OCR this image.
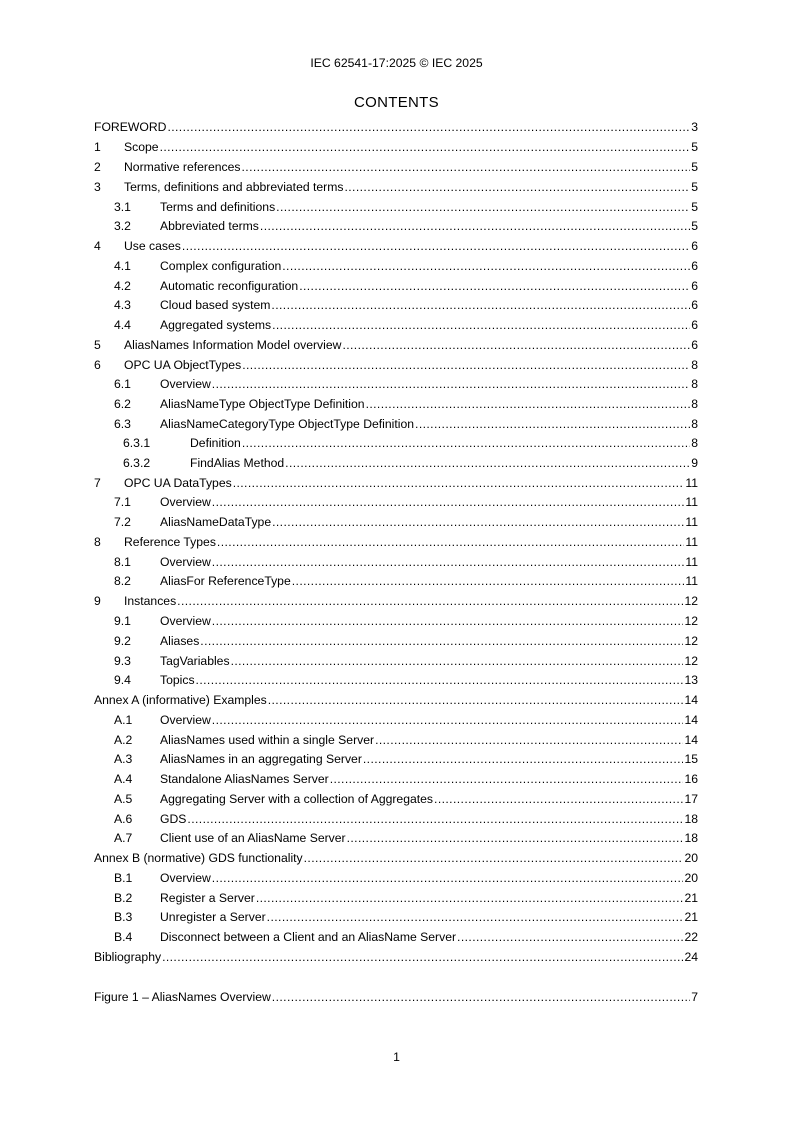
IEC 62541-17:2025 © IEC 2025
CONTENTS
FOREWORD .....	3
1	Scope .....	5
2	Normative references .....	5
3	Terms, definitions and abbreviated terms .....	5
3.1	Terms and definitions .....	5
3.2	Abbreviated terms .....	5
4	Use cases .....	6
4.1	Complex configuration .....	6
4.2	Automatic reconfiguration .....	6
4.3	Cloud based system .....	6
4.4	Aggregated systems .....	6
5	AliasNames Information Model overview .....	6
6	OPC UA ObjectTypes .....	8
6.1	Overview .....	8
6.2	AliasNameType ObjectType Definition .....	8
6.3	AliasNameCategoryType ObjectType Definition .....	8
6.3.1	Definition .....	8
6.3.2	FindAlias Method .....	9
7	OPC UA DataTypes .....	11
7.1	Overview .....	11
7.2	AliasNameDataType .....	11
8	Reference Types .....	11
8.1	Overview .....	11
8.2	AliasFor ReferenceType .....	11
9	Instances .....	12
9.1	Overview .....	12
9.2	Aliases .....	12
9.3	TagVariables .....	12
9.4	Topics .....	13
Annex A (informative) Examples .....	14
A.1	Overview .....	14
A.2	AliasNames used within a single Server .....	14
A.3	AliasNames in an aggregating Server .....	15
A.4	Standalone AliasNames Server .....	16
A.5	Aggregating Server with a collection of Aggregates .....	17
A.6	GDS .....	18
A.7	Client use of an AliasName Server .....	18
Annex B (normative) GDS functionality .....	20
B.1	Overview .....	20
B.2	Register a Server .....	21
B.3	Unregister a Server .....	21
B.4	Disconnect between a Client and an AliasName Server .....	22
Bibliography .....	24
Figure 1 – AliasNames Overview .....	7
1
